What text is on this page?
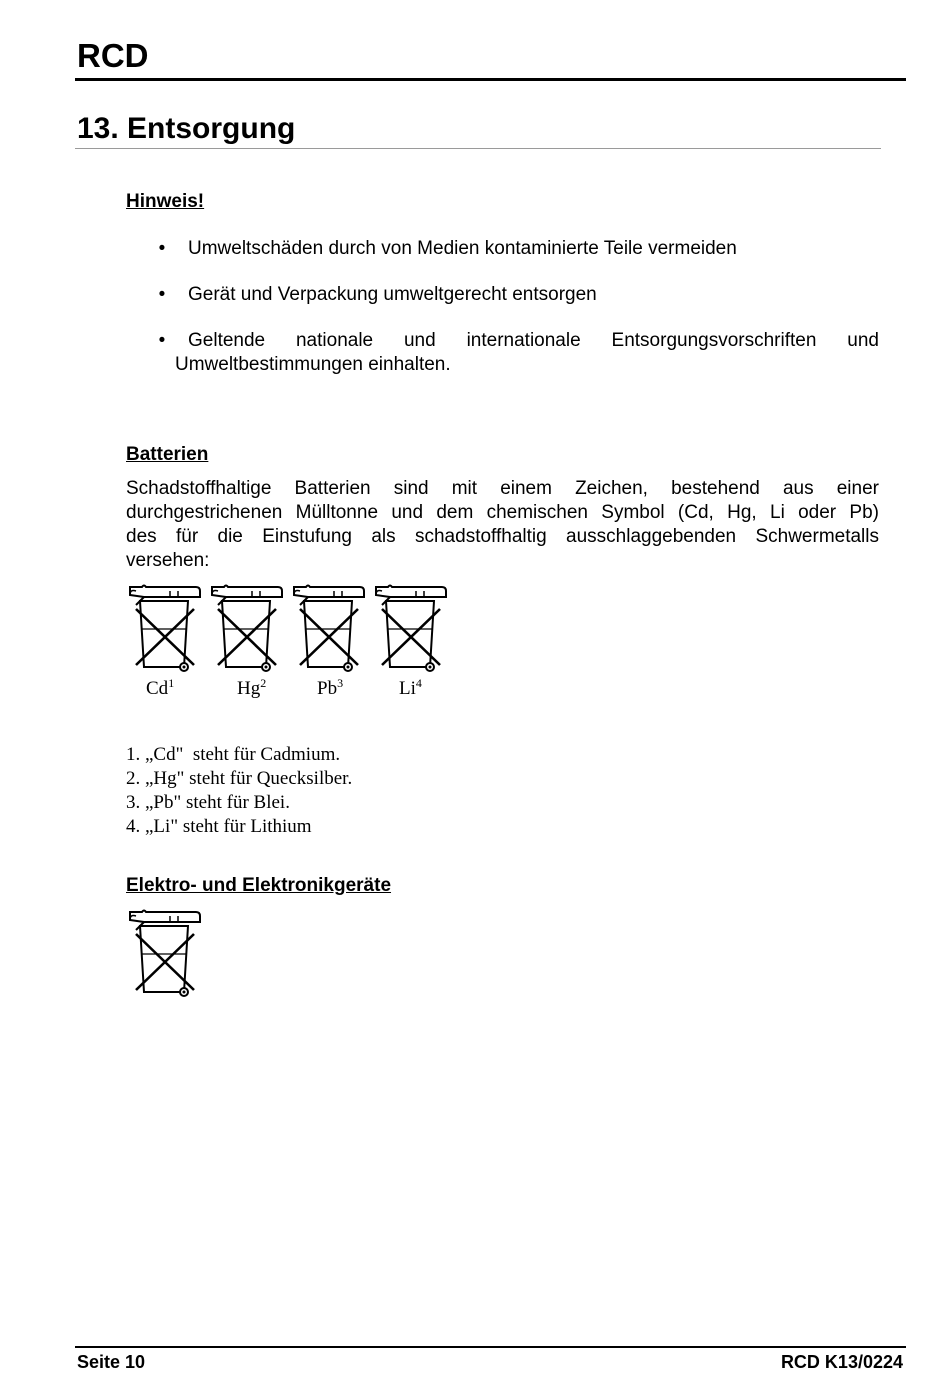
RCD
13. Entsorgung
Hinweis!
• Umweltschäden durch von Medien kontaminierte Teile vermeiden
• Gerät und Verpackung umweltgerecht entsorgen
• Geltende nationale und internationale Entsorgungsvorschriften und
Umweltbestimmungen einhalten.
Batterien
Schadstoffhaltige Batterien sind mit einem Zeichen, bestehend aus einer
durchgestrichenen Mülltonne und dem chemischen Symbol (Cd, Hg, Li oder Pb)
des für die Einstufung als schadstoffhaltig ausschlaggebenden Schwermetalls
versehen:
Cd$^1$	Hg$^2$	Pb$^3$	Li$^4$
1. „Cd"  steht für Cadmium.
2. „Hg" steht für Quecksilber.
3. „Pb" steht für Blei.
4. „Li" steht für Lithium
Elektro- und Elektronikgeräte
Seite 10	RCD K13/0224
